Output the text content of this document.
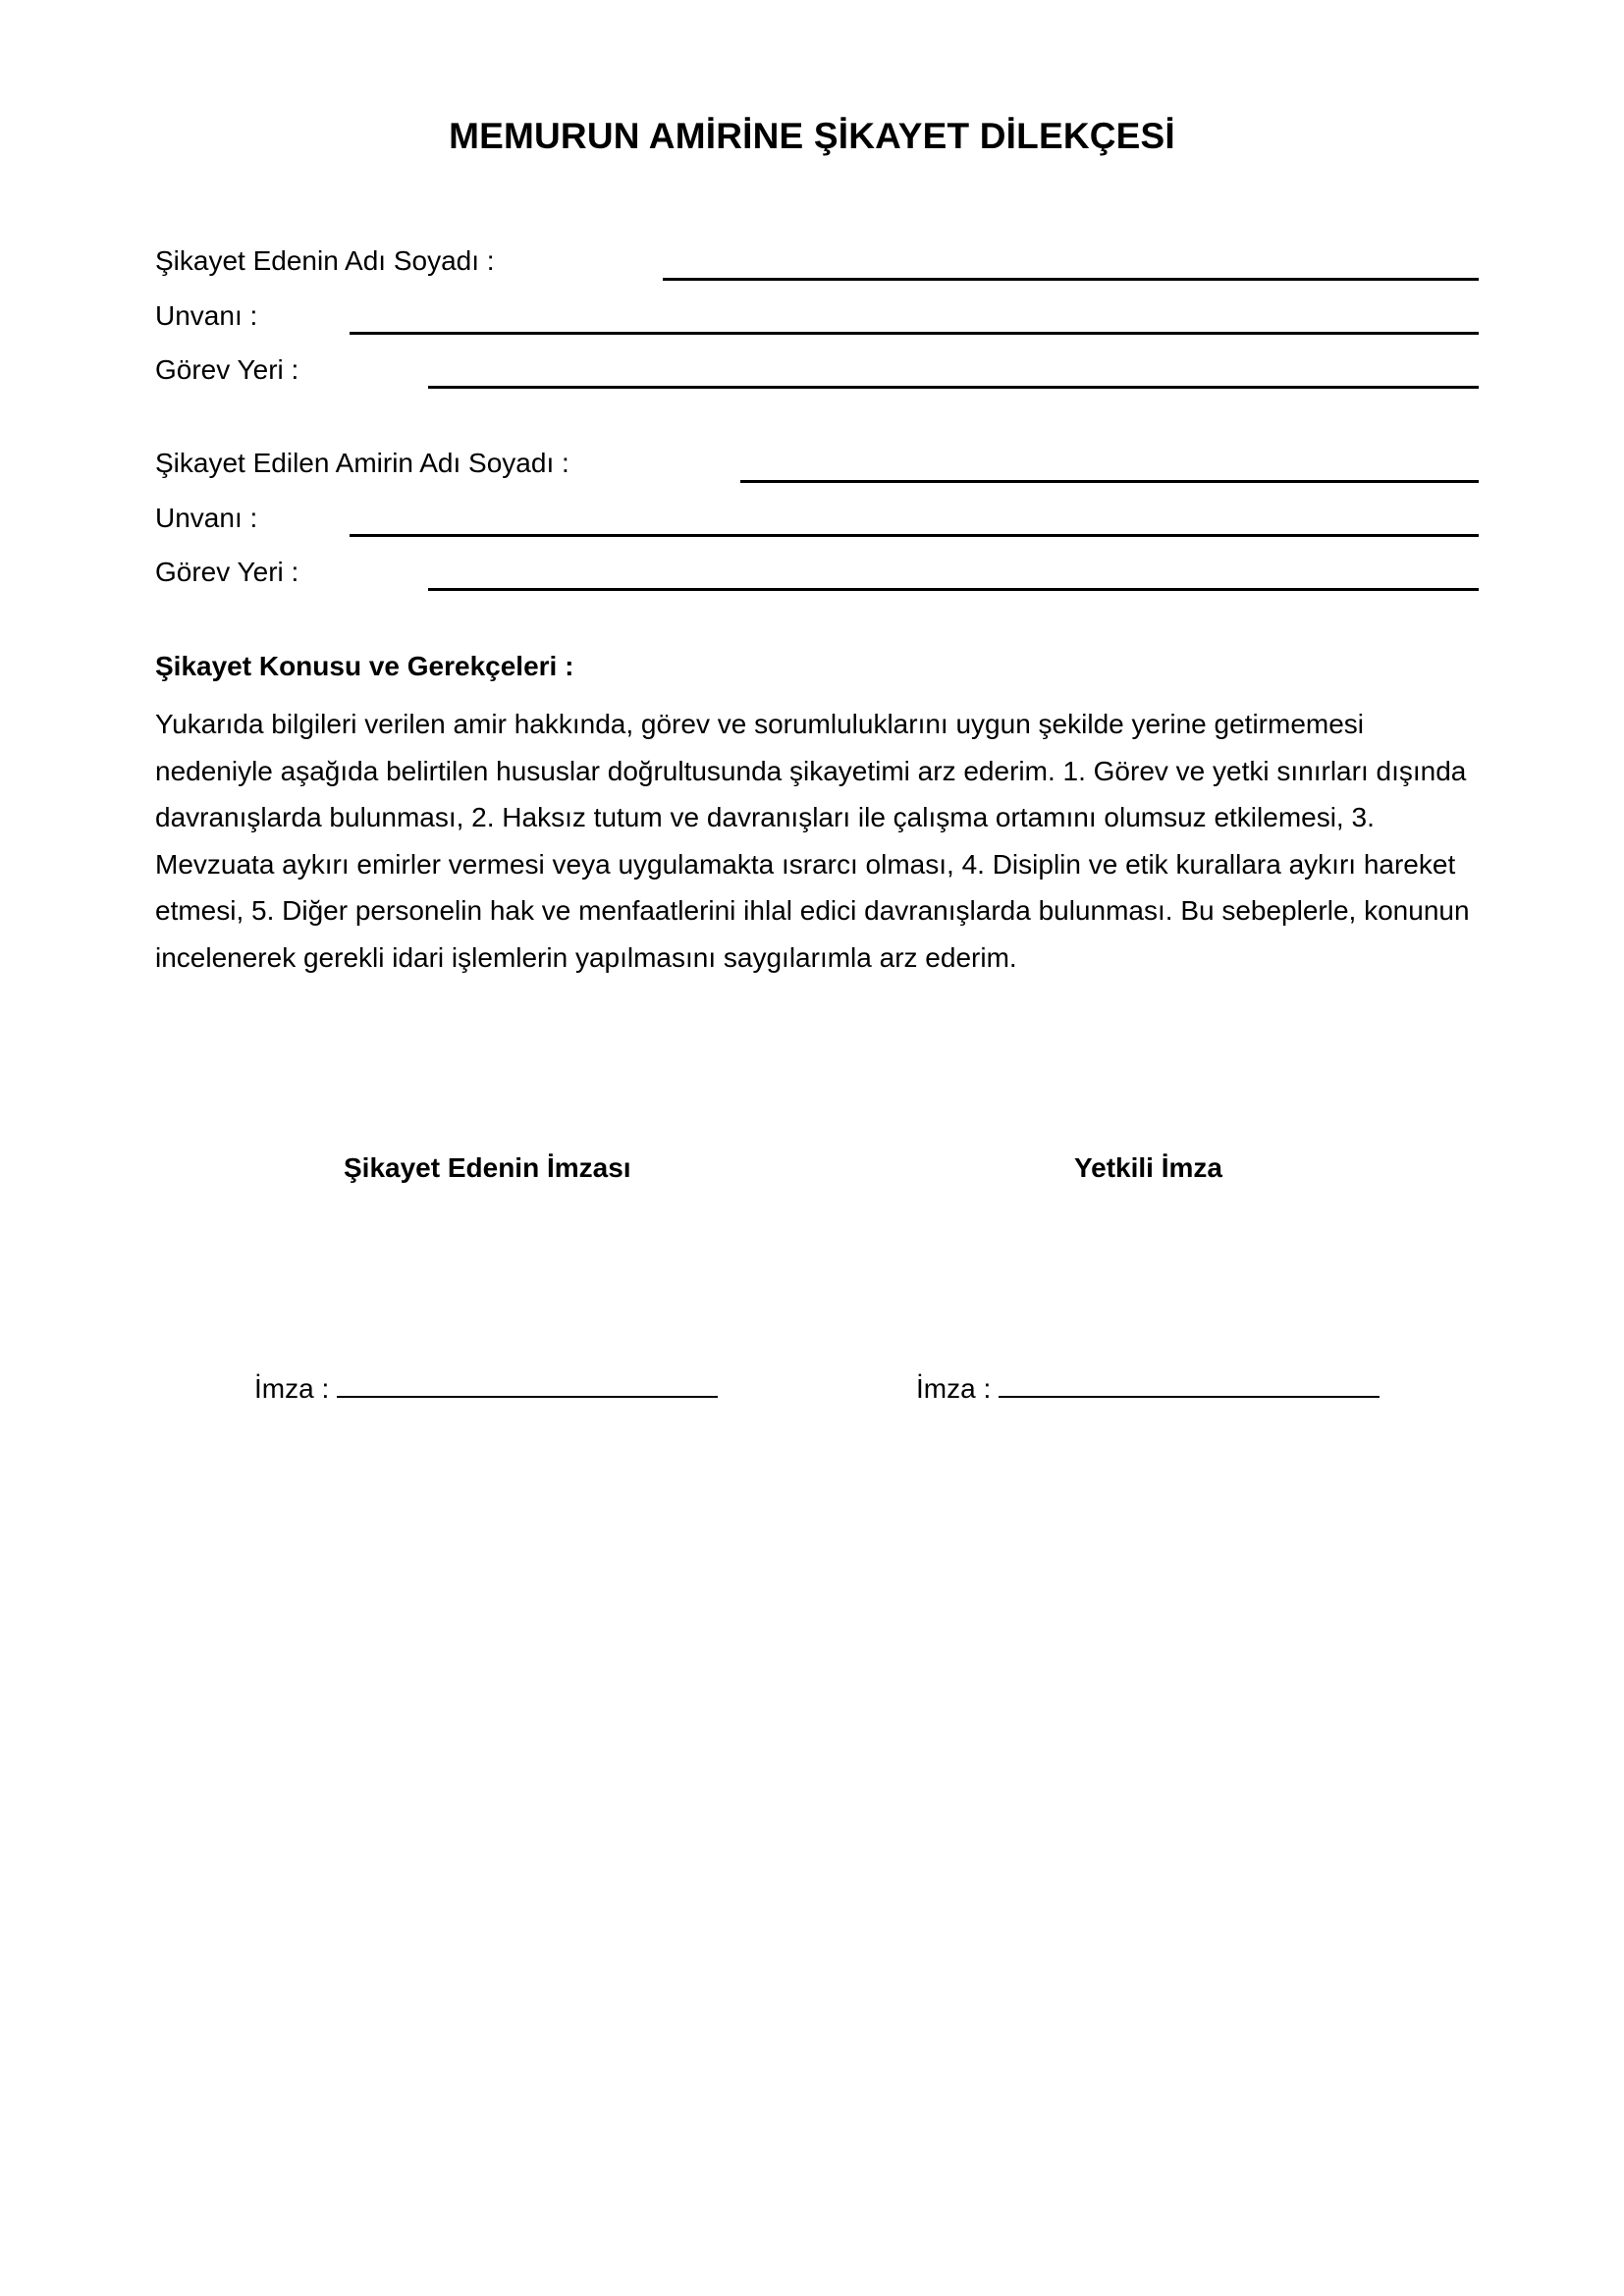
MEMURUN AMİRİNE ŞİKAYET DİLEKÇESİ
Şikayet Edenin Adı Soyadı :
Unvanı :
Görev Yeri :
Şikayet Edilen Amirin Adı Soyadı :
Unvanı :
Görev Yeri :
Şikayet Konusu ve Gerekçeleri :
Yukarıda bilgileri verilen amir hakkında, görev ve sorumluluklarını uygun şekilde yerine getirmemesi nedeniyle aşağıda belirtilen hususlar doğrultusunda şikayetimi arz ederim. 1. Görev ve yetki sınırları dışında davranışlarda bulunması, 2. Haksız tutum ve davranışları ile çalışma ortamını olumsuz etkilemesi, 3. Mevzuata aykırı emirler vermesi veya uygulamakta ısrarcı olması, 4. Disiplin ve etik kurallara aykırı hareket etmesi, 5. Diğer personelin hak ve menfaatlerini ihlal edici davranışlarda bulunması. Bu sebeplerle, konunun incelenerek gerekli idari işlemlerin yapılmasını saygılarımla arz ederim.
Şikayet Edenin İmzası	Yetkili İmza
İmza :	İmza :
